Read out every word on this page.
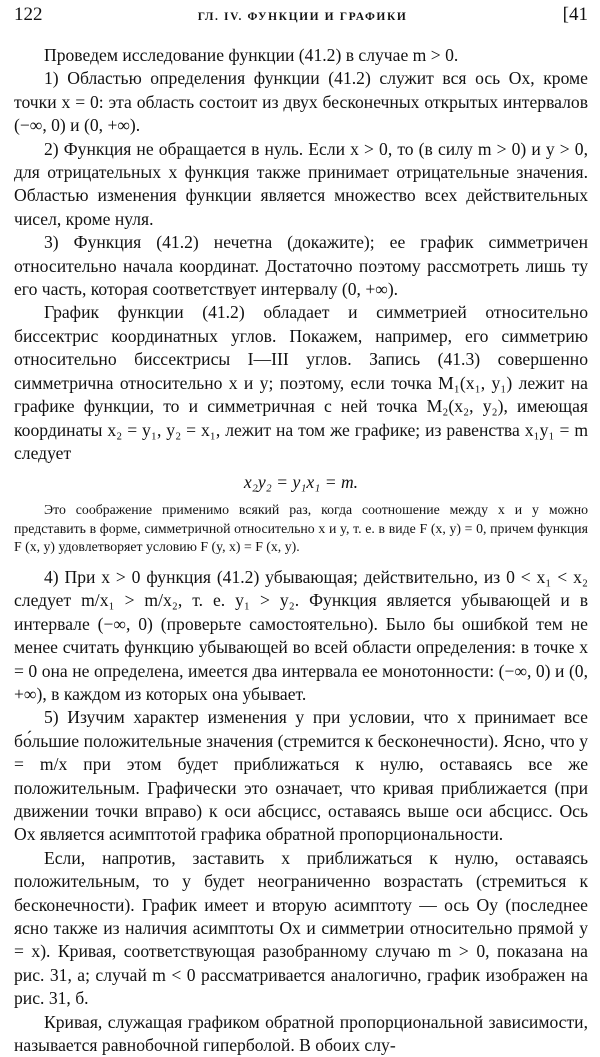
122	ГЛ. IV. ФУНКЦИИ И ГРАФИКИ	[41

Проведем исследование функции (41.2) в случае m > 0.

1) Областью определения функции (41.2) служит вся ось Ox, кроме точки x = 0: эта область состоит из двух бесконечных открытых интервалов (−∞, 0) и (0, +∞).

2) Функция не обращается в нуль. Если x > 0, то (в силу m > 0) и y > 0, для отрицательных x функция также принимает отрицательные значения. Областью изменения функции является множество всех действительных чисел, кроме нуля.

3) Функция (41.2) нечетна (докажите); ее график симметричен относительно начала координат. Достаточно поэтому рассмотреть лишь ту его часть, которая соответствует интервалу (0, +∞).

График функции (41.2) обладает и симметрией относительно биссектрис координатных углов. Покажем, например, его симметрию относительно биссектрисы I—III углов. Запись (41.3) совершенно симметрична относительно x и y; поэтому, если точка M₁(x₁, y₁) лежит на графике функции, то и симметричная с ней точка M₂(x₂, y₂), имеющая координаты x₂ = y₁, y₂ = x₁, лежит на том же графике; из равенства x₁y₁ = m следует

x₂y₂ = y₁x₁ = m.

Это соображение применимо всякий раз, когда соотношение между x и y можно представить в форме, симметричной относительно x и y, т. е. в виде F (x, y) = 0, причем функция F (x, y) удовлетворяет условию F (y, x) = F (x, y).

4) При x > 0 функция (41.2) убывающая; действительно, из 0 < x₁ < x₂ следует m/x₁ > m/x₂, т. е. y₁ > y₂. Функция является убывающей и в интервале (−∞, 0) (проверьте самостоятельно). Было бы ошибкой тем не менее считать функцию убывающей во всей области определения: в точке x = 0 она не определена, имеется два интервала ее монотонности: (−∞, 0) и (0, +∞), в каждом из которых она убывает.

5) Изучим характер изменения y при условии, что x принимает все бо́льшие положительные значения (стремится к бесконечности). Ясно, что y = m/x при этом будет приближаться к нулю, оставаясь все же положительным. Графически это означает, что кривая приближается (при движении точки вправо) к оси абсцисс, оставаясь выше оси абсцисс. Ось Ox является асимптотой графика обратной пропорциональности.

Если, напротив, заставить x приближаться к нулю, оставаясь положительным, то y будет неограниченно возрастать (стремиться к бесконечности). График имеет и вторую асимптоту — ось Oy (последнее ясно также из наличия асимптоты Ox и симметрии относительно прямой y = x). Кривая, соответствующая разобранному случаю m > 0, показана на рис. 31, а; случай m < 0 рассматривается аналогично, график изображен на рис. 31, б.

Кривая, служащая графиком обратной пропорциональной зависимости, называется равнобочной гиперболой. В обоих слу-
